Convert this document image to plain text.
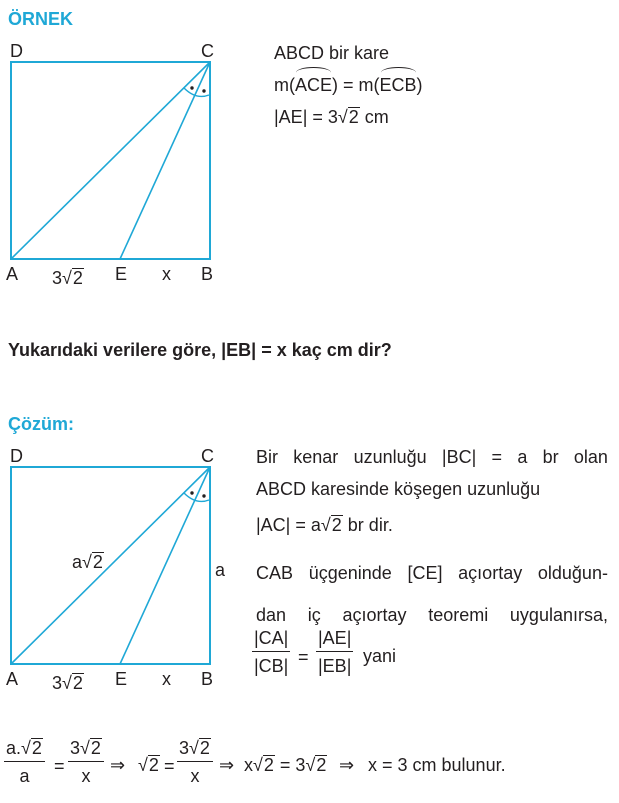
ÖRNEK
D	C
A	B
E x
3√2
ABCD bir kare
m(ACE) = m(ECB)
|AE| = 3√2 cm
Yukarıdaki verilere göre, |EB| = x kaç cm dir?
Çözüm:
D	C
A	B
E x
3√2
a
a√2
Bir kenar uzunluğu |BC| = a br olan
ABCD karesinde köşegen uzunluğu
|AC| = a√2 br dir.
CAB üçgeninde [CE] açıortay olduğun-
dan iç açıortay teoremi uygulanırsa,
$\frac{|CA|}{|CB|} = \frac{|AE|}{|EB|}$ yani
$\frac{a.√2}{a} = \frac{3√2}{x}$ ⇒ $√2 = \frac{3√2}{x}$ ⇒ x√2 = 3√2 ⇒ x = 3 cm bulunur.
